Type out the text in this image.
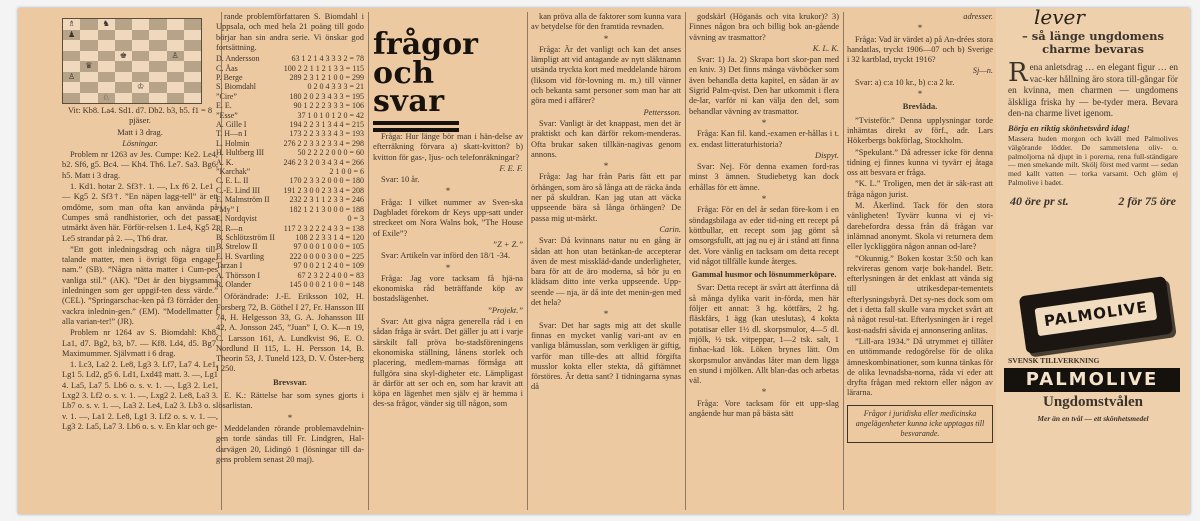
♗	♞
♟
♚	♙
♛
♙
♔
♘

Vit: Kb8. La4. Sd1. d7. Db2. b3, b5. f1 = 8 pjäser.

Matt i 3 drag.

Lösningar.

Problem nr 1263 av Jes. Cumpe: Ke2. Le4, b2. Sf6, g5. Bc4. — Kh4. Th6. Le7. Sa3. Bg6, h5. Matt i 3 drag.

1. Kd1. hotar 2. Sf3†. 1. —, Lx f6 2. Le1 . — Kg5 2. Sf3†. ”En näpen lagg-tell” är ett omdöme, som man ofta kan använda på Cumpes små randhistorier, och det passar utmärkt även här. Förför-relsen 1. Le4, Kg5 2. Le5 strandar på 2. —, Th6 drar.

”Ett gott inledningsdrag och några till-talande matter, men i övrigt föga engage-nam.” (SB). ”Några nätta matter i Cum-pes vanliga stil.” (AK). ”Det är den biygsamma inledningen som ger uppgif-ten dess värde.” (CEL). ”Springarschac-ken på f3 förråder den vackra inlednin-gen.” (EM). ”Modellmatter i alla varian-ter!” (JR).

Problem nr 1264 av S. Biomdahl: Kh8. La1, d7. Bg2, b3, b7. — Kf8. Ld4, d5. Bg7. Maximummer. Självmatt i 6 drag.

1. Lc3, La2 2. Le8, Lg3 3. Lf7, La7 4. Le1, Lg1 5. Ld2, g5 6. Ld1, Lxd4‡ matt. 3. —, Lg1 4. La5, La7 5. Lb6 o. s. v. 1. —, Lg3 2. Le1, Lxg2 3. Lf2 o. s. v. 1. —, Lxg2 2. Le8, La3 3. Lb7 o. s. v. 1. —, La3 2. Le4, La2 3. Lb3 o. s. v. 1. —, La1 2. Le8, Lg1 3. Lf2 o. s. v. 1. —, Lg3 2. La5, La7 3. Lb6 o. s. v. En klar och ge-

rande problemförfattaren S. Biomdahl i Uppsala, och med hela 21 poäng till godo börjar han sin andra serie. Vi önskar god fortsättning.

D. Andersson	63 1 2 1 4 3 3 3 2 = 78
C. Åas	100 2 2 1 1 2 1 3 3 = 115
P. Berge	289 2 3 1 2 1 0 0 = 299
S. Biomdahl	0 2 0 4 3 3 3 = 21
”Cire”	180 2 0 2 3 4 3 3 = 195
E. E.	90 1 2 2 2 3 3 3 = 106
”Esse”	37 1 0 1 0 1 2 0 = 42
A. Gille I	194 2 2 3 1 3 4 4 = 215
T. H—n I	173 2 2 3 3 3 4 3 = 193
L. Holmin	276 2 2 3 3 2 3 3 4 = 298
H. Hultberg III	50 2 2 2 2 0 0 0 = 60
A. K.	246 2 3 2 0 3 4 3 4 = 266
”Karchak”	2 1 0 0 = 6
C. E. L. II	170 2 3 3 2 0 0 0 = 180
C.-E. Lind III	191 2 3 0 0 2 3 3 4 = 208
E. Malmström II	232 2 3 1 1 2 3 3 = 246
”My” I	182 1 2 1 3 0 0 0 = 188
E. Nordqvist	0 = 3
R. R—n	117 2 3 2 2 2 4 3 3 = 138
B. Schlötzström II	108 2 2 3 3 1 4 = 120
B. Strelow II	97 0 0 0 1 0 0 0 = 105
E. H. Svartling	222 0 0 0 0 3 0 0 = 225
Tarzan I	97 0 0 2 1 2 4 0 = 109
A. Thörsson I	67 2 3 2 2 4 0 0 = 83
R. Olander	145 0 0 0 2 1 0 0 = 148

Oförändrade: J.-E. Eriksson 102, H. Forsberg 72, B. Göthel I 27, Fr. Hansson III 74, H. Helgesson 33, G. A. Johansson III 42, A. Jonsson 245, ”Juan” I, O. K—n 19, C. Larsson 161, A. Lundkvist 96, E. O. Nordlund II 115, L. H. Persson 14, B. Theorin 53, J. Tuneld 123, D. V. Öster-berg I 250.

Brevsvar.

E. K.: Rättelse har som synes gjorts i lösarlistan.

*

Meddelanden rörande problemavdelnin-gen torde sändas till Fr. Lindgren, Hal-darvägen 20, Lidingö 1 (lösningar till da-gens problem senast 20 maj).

frågor
och svar

Fråga: Hur länge bör man i hän-delse av efterräkning förvara a) skatt-kvitton? b) kvitton för gas-, ljus- och telefonräkningar?

F. E. F.

Svar: 10 år.

*

Fråga: I vilket nummer av Sven-ska Dagbladet förekom dr Keys upp-satt under streckeet om Nora Walns bok, ”The House of Exile”?

”Z + Z.”

Svar: Artikeln var införd den 18/1 -34.

*

Fråga: Jag vore tacksam få hjä-na ekonomiska råd beträffande köp av bostadslägenhet.

”Projekt.”

Svar: Att giva några generella råd i en sådan fråga är svårt. Det gäller ju att i varje särskilt fall pröva bo-stadsföreningens ekonomiska ställning, lånens storlek och placering, medlem-marnas förmåga att fullgöra sina skyl-digheter etc. Lämpligast är därför att ser och en, som har kravit att köpa en lägenhet men själv ej är hemma i des-sa frågor, vänder sig till någon, som

kan pröva alla de faktorer som kunna vara av betydelse för den framtida revnaden.

*

Fråga: Är det vanligt och kan det anses lämpligt att vid antagande av nytt släktnamn utsända tryckta kort med meddelande härom (liksom vid för-lovning m. m.) till vänner och bekanta samt personer som man har att göra med i affärer?

Pettersson.

Svar: Vanligt är det knappast, men det är praktiskt och kan därför rekom-menderas. Ofta brukar saken tillkän-nagivas genom annons.

*

Fråga: Jag har från Paris fått ett par örhängen, som äro så långa att de räcka ända ner på skuldran. Kan jag utan att väcka uppseende bära så långa örhängen? De passa mig ut-märkt.

Carin.

Svar: Då kvinnans natur nu en gång är sådan att hon utan betänkan-de accepterar även de mest misskläd-dande underligheter, bara för att de äro moderna, så bör ju en klädsam ditto inte verka uppseende. Upp-seende — nja, är då inte det menin-gen med det hela?

*

Svar: Det har sagts mig att det skulle finnas en mycket vanlig vari-ant av en vanliga blåmusslan, som verkligen är giftig, varför man tille-des att alltid förgifta musslor kokta eller stekta, då giftämnet förstöres. Är detta sant? I tidningarna synas då

godskärl (Höganäs och vita krukor)? 3) Finnes någon bra och billig bok an-gående vävning av trasmattor?

K. L. K.

Svar: 1) Ja. 2) Skrapa bort skor-pan med en kniv. 3) Det finns många vävböcker som även behandla detta kapitel, en sådan är av Sigrid Palm-qvist. Den har utkommit i flera de-lar, varför ni kan välja den del, som behandlar vävning av trasmattor.

*

Fråga: Kan fil. kand.-examen er-hållas i t. ex. endast litteraturhistoria?

Dispyt.

Svar: Nej. För denna examen ford-ras minst 3 ämnen. Studiebetyg kan dock erhållas för ett ämne.

*

Fråga: För en del år sedan före-kom i en söndagsbilaga av eder tid-ning ett recept på köttbullar, ett recept som jag gömt så omsorgsfullt, att jag nu ej är i stånd att finna det. Vore vänlig en tacksam om detta recept vid något tillfälle kunde återges.

Gammal husmor och lösnummerköpare.

Svar: Detta recept är svårt att återfinna då så många dylika varit in-förda, men här följer ett annat: 3 hg. köttfärs, 2 hg. fläskfärs, 1 ägg (kan uteslutas), 4 kokta potatisar eller 1½ dl. skorpsmulor, 4—5 dl. mjölk, ½ tsk. vitpeppar, 1—2 tsk. salt, 1 finhac-kad lök. Löken brynes lätt. Om skorpsmulor användas låter man dem ligga en stund i mjölken. Allt blan-das och arbetas väl.

*

Fråga: Vore tacksam för ett upp-slag angående hur man på bästa sätt

adresser.

*

Fråga: Vad är värdet a) på An-drées stora handatlas, tryckt 1906—07 och b) Sverige i 32 kartblad, tryckt 1916?

Sj—n.

Svar: a) c:a 10 kr., b) c:a 2 kr.

*

Brevlåda.

”Tvisteför.” Denna upplysningar torde inhämtas direkt av förf., adr. Lars Hökerbergs bokförlag, Stockholm.

”Spekulant.” Då adresser icke för denna tidning ej finnes kunna vi tyvärr ej åtaga oss att besvara er fråga.

”K. L.” Troligen, men det är säk-rast att fråga någon jurist.

M. Åkerlind. Tack för den stora vänligheten! Tyvärr kunna vi ej vi-darebefordra dessa från då frågan var inlämnad anonymt. Skola vi returnera dem eller lyckliggöra någon annan od-lare?

”Okunnig.” Boken kostar 3:50 och kan rekvireras genom varje bok-handel. Betr. efterlysningen är det enklast att vända sig till utrikesdepar-tementets efterlysningsbyrå. Det sy-nes dock som om det i detta fall skulle vara mycket svårt att nå något resul-tat. Efterlysningen är i regel kost-nadsfri såvida ej annonsering anlitas.

”Lill-ara 1934.” Då utrymmet ej tillåter en uttömmande redogörelse för de olika ämneskombinationer, som kunna tänkas för de olika levnadsba-norna, råda vi eder att dryfta frågan med rektorn eller någon av lärarna.

Frågor i juridiska eller medicinska angelägenheter kunna icke upptagas till besvarande.
lever
– så länge ungdomens charme bevaras

Rena anletsdrag … en elegant figur … en vac-ker hållning äro stora till-gångar för en kvinna, men charmen — ungdomens älskliga friska hy — be-tyder mera. Bevara den-na charme livet igenom.

Börja en riktig skönhetsvård idag!
Massera huden morgon och kväll med Palmolives välgörande lödder. De sammetslena oliv- o. palmoljorna nå djupt in i porerna, rena full-ständigare — men smekande milt. Skölj först med varmt — sedan med kallt vatten — torka varsamt. Och glöm ej Palmolive i badet.
40 öre pr st.	2 för 75 öre
PALMOLIVE
SVENSK TILLVERKNING
PALMOLIVE
Ungdomstvålen
Mer än en tvål — ett skönhetsmedel
